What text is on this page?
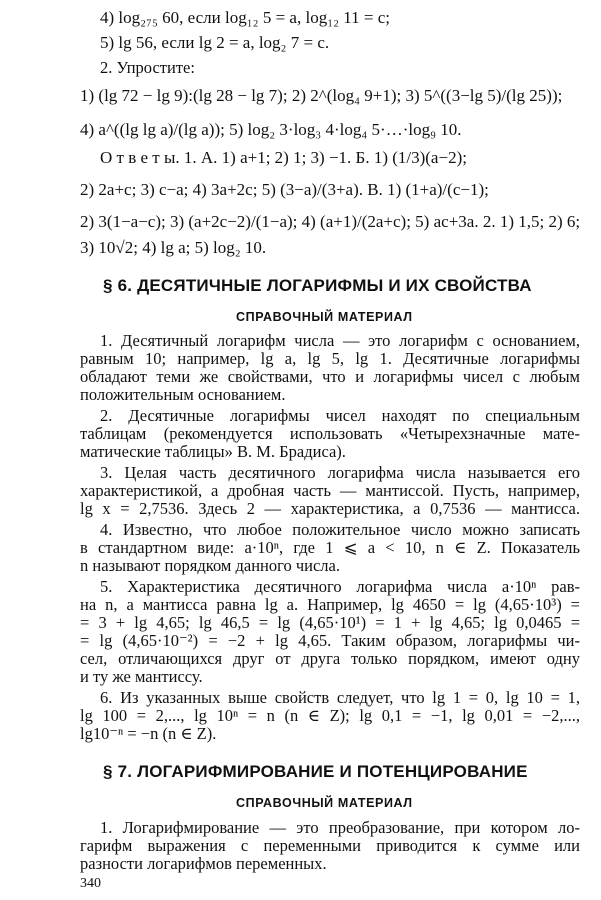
4) log₂₇₅ 60, если log₁₂ 5 = a, log₁₂ 11 = c;
5) lg 56, если lg 2 = a, log₂ 7 = c.
2. Упростите:
1) (lg 72 − lg 9):(lg 28 − lg 7); 2) 2^(log₄ 9+1); 3) 5^((3−lg 5)/(lg 25));
4) a^((lg lg a)/(lg a)); 5) log₂ 3·log₃ 4·log₄ 5·…·log₉ 10.
О т в е т ы. 1. А. 1) a+1; 2) 1; 3) −1. Б. 1) (1/3)(a−2);
2) 2a+c; 3) c−a; 4) 3a+2c; 5) (3−a)/(3+a). В. 1) (1+a)/(c−1);
2) 3(1−a−c); 3) (a+2c−2)/(1−a); 4) (a+1)/(2a+c); 5) ac+3a. 2. 1) 1,5; 2) 6;
3) 10√2; 4) lg a; 5) log₂ 10.
§ 6. ДЕСЯТИЧНЫЕ ЛОГАРИФМЫ И ИХ СВОЙСТВА
СПРАВОЧНЫЙ МАТЕРИАЛ
1. Десятичный логарифм числа — это логарифм с основанием,
равным 10; например, lg a, lg 5, lg 1. Десятичные логарифмы
обладают теми же свойствами, что и логарифмы чисел с любым
положительным основанием.
2. Десятичные логарифмы чисел находят по специальным
таблицам (рекомендуется использовать «Четырехзначные мате-
матические таблицы» В. М. Брадиса).
3. Целая часть десятичного логарифма числа называется его
характеристикой, а дробная часть — мантиссой. Пусть, например,
lg x = 2,7536. Здесь 2 — характеристика, а 0,7536 — мантисса.
4. Известно, что любое положительное число можно записать
в стандартном виде: a·10ⁿ, где 1 ⩽ a < 10, n ∈ Z. Показатель
n называют порядком данного числа.
5. Характеристика десятичного логарифма числа a·10ⁿ рав-
на n, а мантисса равна lg a. Например, lg 4650 = lg (4,65·10³) =
= 3 + lg 4,65; lg 46,5 = lg (4,65·10¹) = 1 + lg 4,65; lg 0,0465 =
= lg (4,65·10⁻²) = −2 + lg 4,65. Таким образом, логарифмы чи-
сел, отличающихся друг от друга только порядком, имеют одну
и ту же мантиссу.
6. Из указанных выше свойств следует, что lg 1 = 0, lg 10 = 1,
lg 100 = 2,..., lg 10ⁿ = n (n ∈ Z); lg 0,1 = −1, lg 0,01 = −2,...,
lg10⁻ⁿ = −n (n ∈ Z).
§ 7. ЛОГАРИФМИРОВАНИЕ И ПОТЕНЦИРОВАНИЕ
СПРАВОЧНЫЙ МАТЕРИАЛ
1. Логарифмирование — это преобразование, при котором ло-
гарифм выражения с переменными приводится к сумме или
разности логарифмов переменных.
340
